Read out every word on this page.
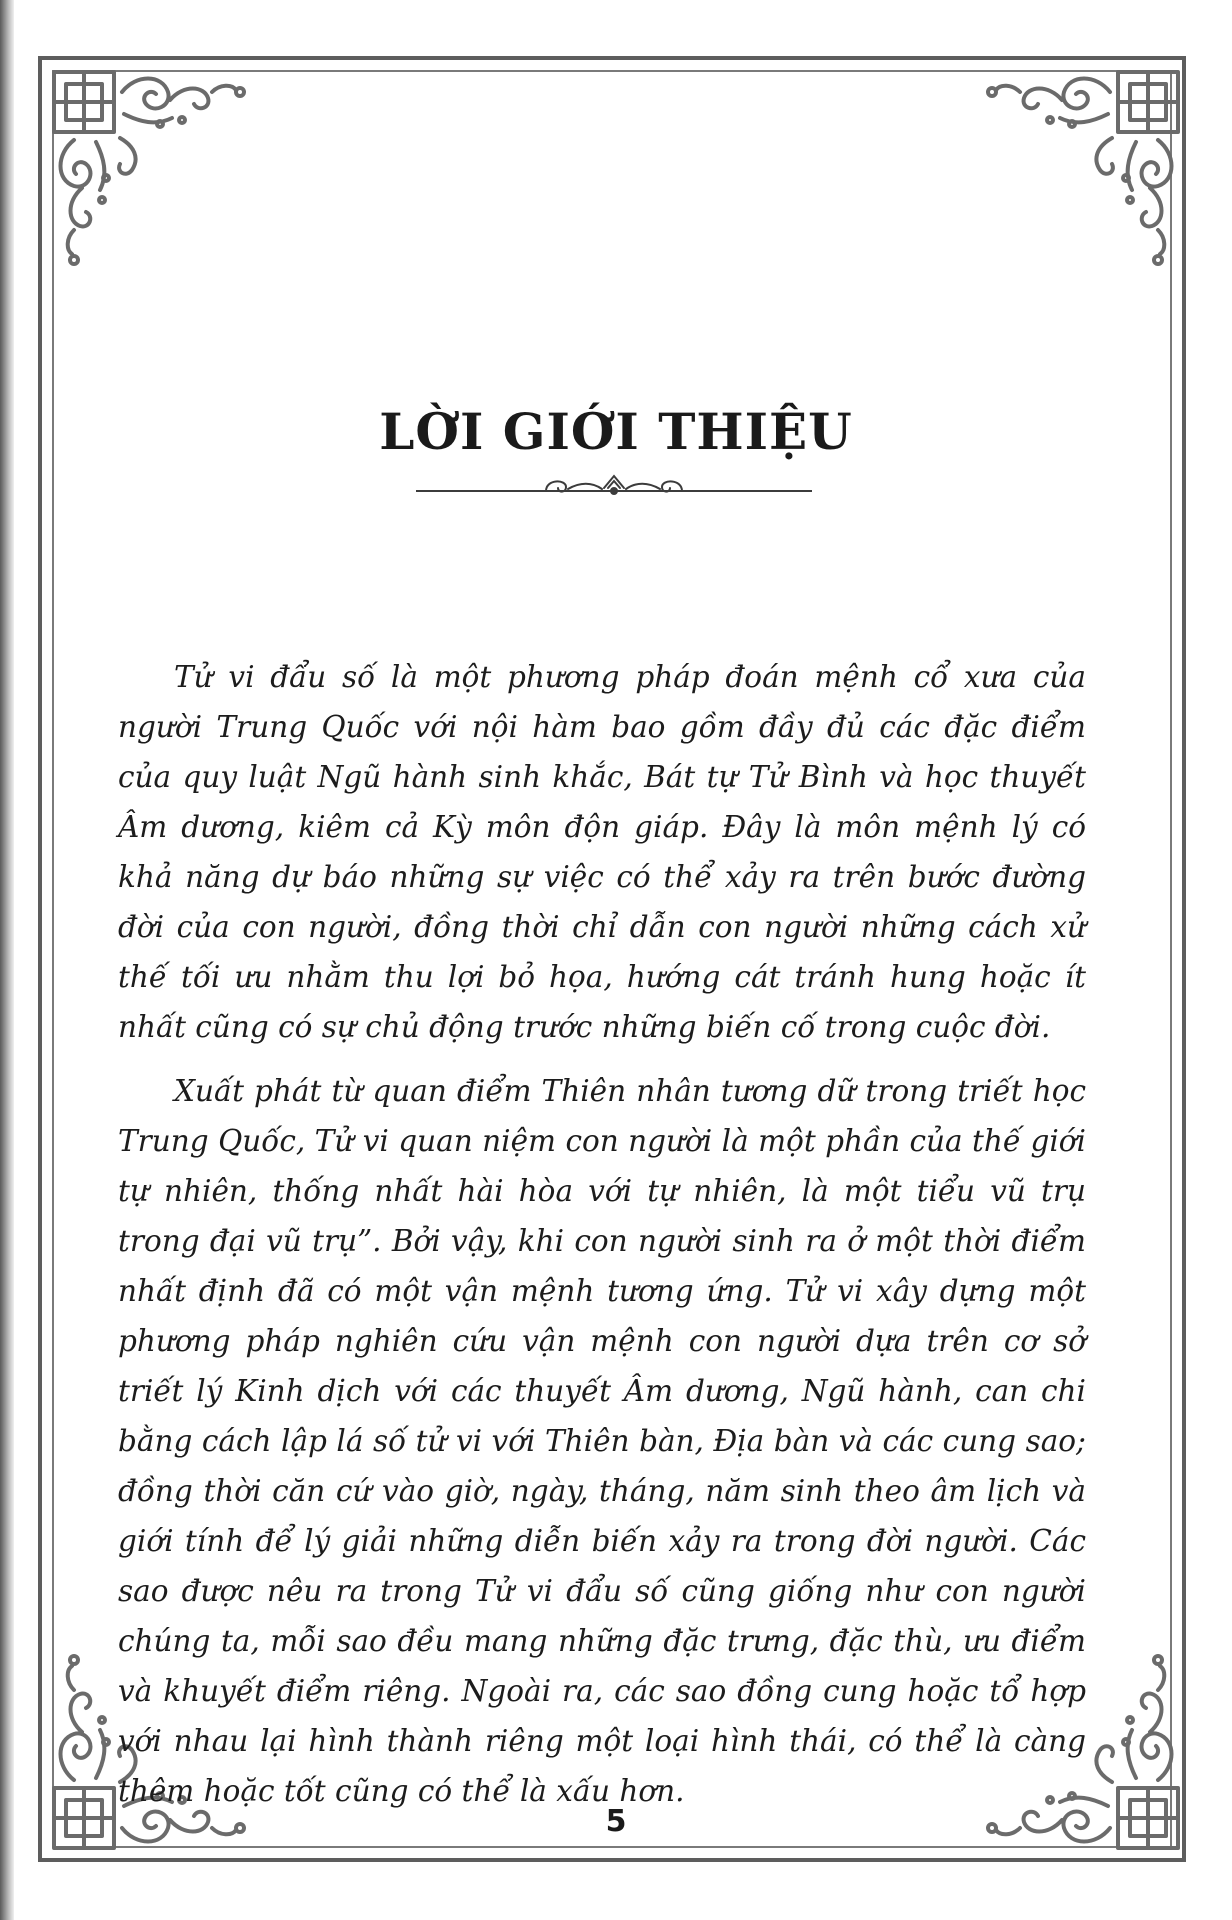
LỜI GIỚI THIỆU

Tử vi đẩu số là một phương pháp đoán mệnh cổ xưa của người Trung Quốc với nội hàm bao gồm đầy đủ các đặc điểm của quy luật Ngũ hành sinh khắc, Bát tự Tử Bình và học thuyết Âm dương, kiêm cả Kỳ môn độn giáp. Đây là môn mệnh lý có khả năng dự báo những sự việc có thể xảy ra trên bước đường đời của con người, đồng thời chỉ dẫn con người những cách xử thế tối ưu nhằm thu lợi bỏ họa, hướng cát tránh hung hoặc ít nhất cũng có sự chủ động trước những biến cố trong cuộc đời.

Xuất phát từ quan điểm Thiên nhân tương dữ trong triết học Trung Quốc, Tử vi quan niệm con người là một phần của thế giới tự nhiên, thống nhất hài hòa với tự nhiên, là một tiểu vũ trụ trong đại vũ trụ”. Bởi vậy, khi con người sinh ra ở một thời điểm nhất định đã có một vận mệnh tương ứng. Tử vi xây dựng một phương pháp nghiên cứu vận mệnh con người dựa trên cơ sở triết lý Kinh dịch với các thuyết Âm dương, Ngũ hành, can chi bằng cách lập lá số tử vi với Thiên bàn, Địa bàn và các cung sao; đồng thời căn cứ vào giờ, ngày, tháng, năm sinh theo âm lịch và giới tính để lý giải những diễn biến xảy ra trong đời người. Các sao được nêu ra trong Tử vi đẩu số cũng giống như con người chúng ta, mỗi sao đều mang những đặc trưng, đặc thù, ưu điểm và khuyết điểm riêng. Ngoài ra, các sao đồng cung hoặc tổ hợp với nhau lại hình thành riêng một loại hình thái, có thể là càng thêm hoặc tốt cũng có thể là xấu hơn.

5
